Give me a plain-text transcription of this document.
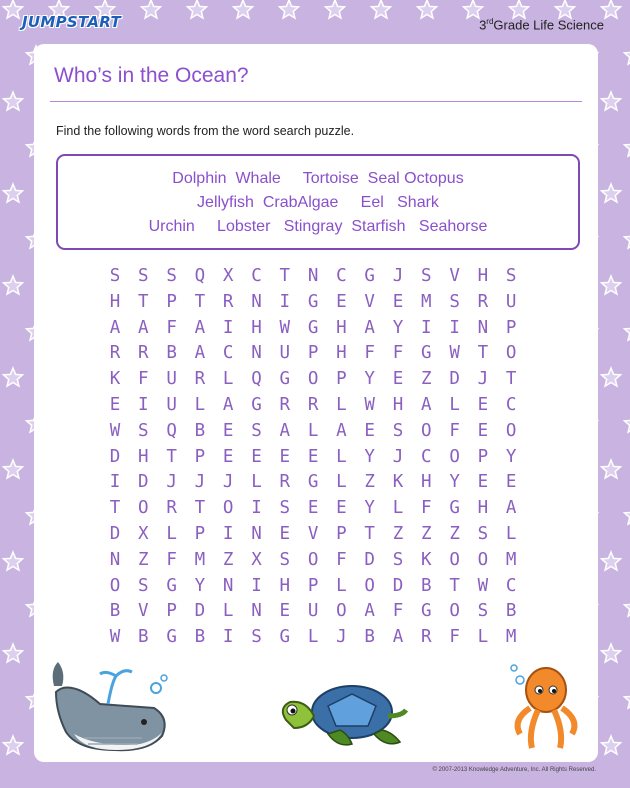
JUMPSTART	3rdGrade Life Science
Who’s in the Ocean?
Find the following words from the word search puzzle.
Dolphin  Whale     Tortoise  Seal Octopus
Jellyfish  CrabAlgae     Eel   Shark
Urchin     Lobster   Stingray  Starfish   Seahorse
S	S	S	Q	X	C	T	N	C	G	J	S	V	H	S
H	T	P	T	R	N	I	G	E	V	E	M	S	R	U
A	A	F	A	I	H	W	G	H	A	Y	I	I	N	P
R	R	B	A	C	N	U	P	H	F	F	G	W	T	O
K	F	U	R	L	Q	G	O	P	Y	E	Z	D	J	T
E	I	U	L	A	G	R	R	L	W	H	A	L	E	C
W	S	Q	B	E	S	A	L	A	E	S	O	F	E	O
D	H	T	P	E	E	E	E	L	Y	J	C	O	P	Y
I	D	J	J	J	L	R	G	L	Z	K	H	Y	E	E
T	O	R	T	O	I	S	E	E	Y	L	F	G	H	A
D	X	L	P	I	N	E	V	P	T	Z	Z	Z	S	L
N	Z	F	M	Z	X	S	O	F	D	S	K	O	O	M
O	S	G	Y	N	I	H	P	L	O	D	B	T	W	C
B	V	P	D	L	N	E	U	O	A	F	G	O	S	B
W	B	G	B	I	S	G	L	J	B	A	R	F	L	M
© 2007-2013 Knowledge Adventure, Inc. All Rights Reserved.
